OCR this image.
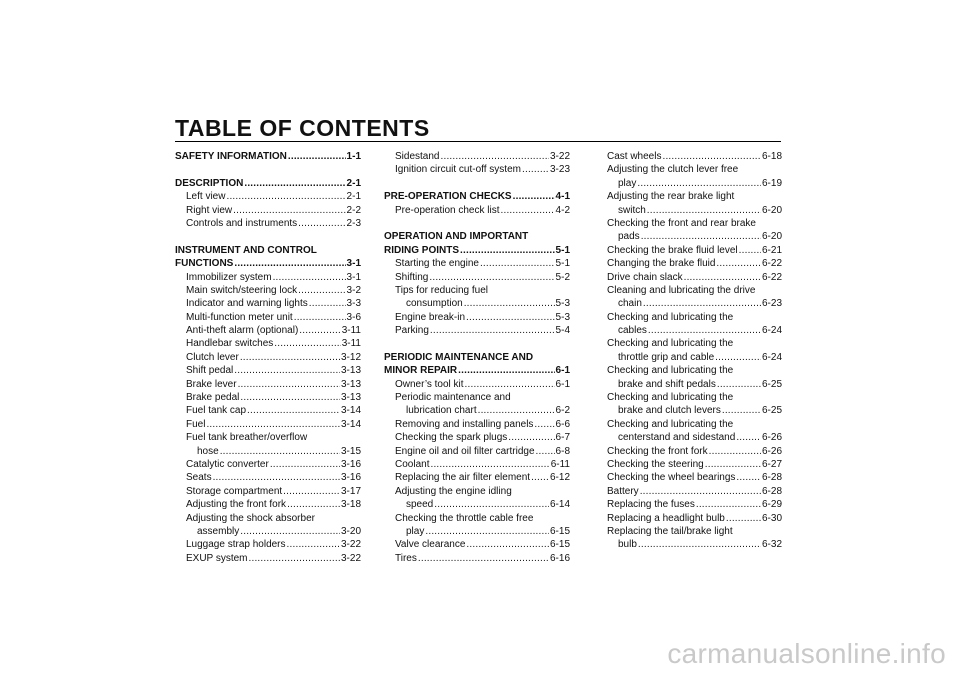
TABLE OF CONTENTS
SAFETY INFORMATION .....	1-1
DESCRIPTION .....	2-1
Left view .....	2-1
Right view .....	2-2
Controls and instruments .....	2-3
INSTRUMENT AND CONTROL
FUNCTIONS .....	3-1
Immobilizer system .....	3-1
Main switch/steering lock .....	3-2
Indicator and warning lights .....	3-3
Multi-function meter unit .....	3-6
Anti-theft alarm (optional) .....	3-11
Handlebar switches .....	3-11
Clutch lever .....	3-12
Shift pedal .....	3-13
Brake lever .....	3-13
Brake pedal .....	3-13
Fuel tank cap .....	3-14
Fuel .....	3-14
Fuel tank breather/overflow
hose .....	3-15
Catalytic converter .....	3-16
Seats .....	3-16
Storage compartment .....	3-17
Adjusting the front fork .....	3-18
Adjusting the shock absorber
assembly .....	3-20
Luggage strap holders .....	3-22
EXUP system .....	3-22
Sidestand .....	3-22
Ignition circuit cut-off system .....	3-23
PRE-OPERATION CHECKS .....	4-1
Pre-operation check list .....	4-2
OPERATION AND IMPORTANT
RIDING POINTS .....	5-1
Starting the engine .....	5-1
Shifting .....	5-2
Tips for reducing fuel
consumption .....	5-3
Engine break-in .....	5-3
Parking .....	5-4
PERIODIC MAINTENANCE AND
MINOR REPAIR .....	6-1
Owner’s tool kit .....	6-1
Periodic maintenance and
lubrication chart .....	6-2
Removing and installing panels ..... 6-6
Checking the spark plugs .....	6-7
Engine oil and oil filter cartridge ..... 6-8
Coolant .....	6-11
Replacing the air filter element ..... 6-12
Adjusting the engine idling
speed .....	6-14
Checking the throttle cable free
play .....	6-15
Valve clearance .....	6-15
Tires .....	6-16
Cast wheels .....	6-18
Adjusting the clutch lever free
play .....	6-19
Adjusting the rear brake light
switch .....	6-20
Checking the front and rear brake
pads .....	6-20
Checking the brake fluid level ..... 6-21
Changing the brake fluid .....	6-22
Drive chain slack .....	6-22
Cleaning and lubricating the drive
chain .....	6-23
Checking and lubricating the
cables .....	6-24
Checking and lubricating the
throttle grip and cable .....	6-24
Checking and lubricating the
brake and shift pedals .....	6-25
Checking and lubricating the
brake and clutch levers .....	6-25
Checking and lubricating the
centerstand and sidestand .....	6-26
Checking the front fork .....	6-26
Checking the steering .....	6-27
Checking the wheel bearings .....	6-28
Battery .....	6-28
Replacing the fuses .....	6-29
Replacing a headlight bulb .....	6-30
Replacing the tail/brake light
bulb .....	6-32
carmanualsonline.info
